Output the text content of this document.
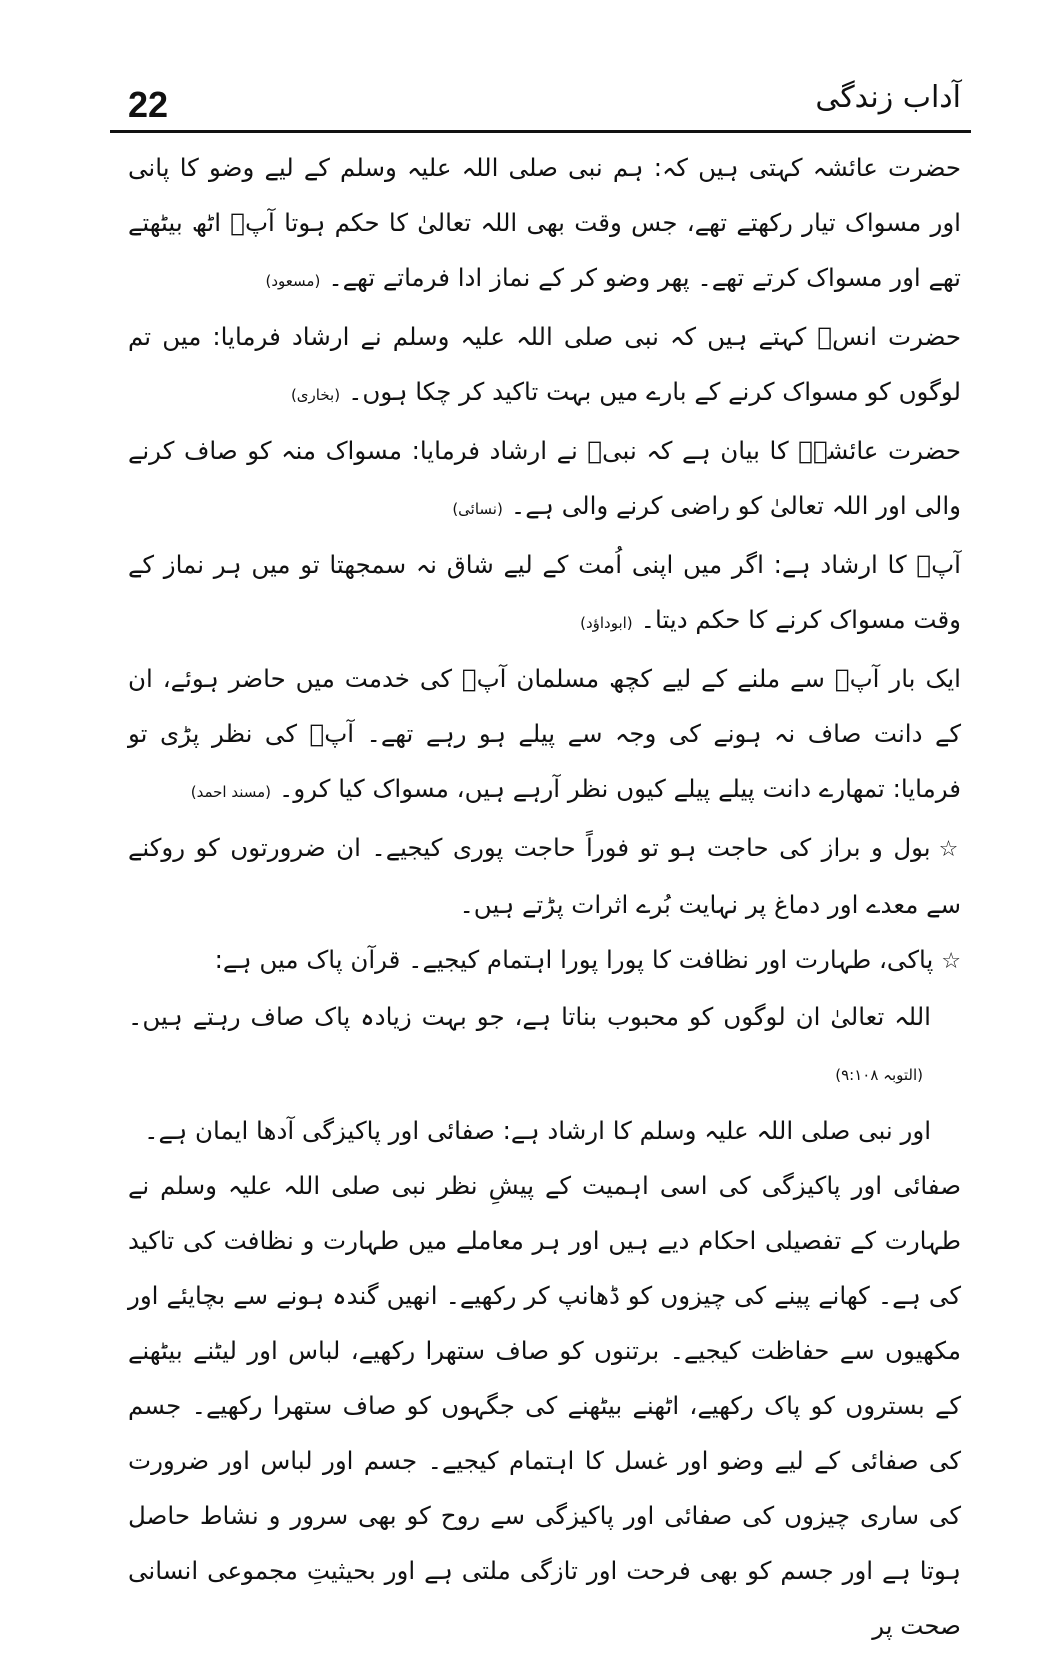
22	آداب زندگی

حضرت عائشہ کہتی ہیں کہ: ہم نبی صلی اللہ علیہ وسلم کے لیے وضو کا پانی اور مسواک تیار رکھتے تھے، جس وقت بھی اللہ تعالیٰ کا حکم ہوتا آپؐ اٹھ بیٹھتے تھے اور مسواک کرتے تھے۔ پھر وضو کر کے نماز ادا فرماتے تھے۔(مسعود)

حضرت انسؓ کہتے ہیں کہ نبی صلی اللہ علیہ وسلم نے ارشاد فرمایا: میں تم لوگوں کو مسواک کرنے کے بارے میں بہت تاکید کر چکا ہوں۔(بخاری)

حضرت عائشہؓ کا بیان ہے کہ نبیؐ نے ارشاد فرمایا: مسواک منہ کو صاف کرنے والی اور اللہ تعالیٰ کو راضی کرنے والی ہے۔(نسائی)

آپؐ کا ارشاد ہے: اگر میں اپنی اُمت کے لیے شاق نہ سمجھتا تو میں ہر نماز کے وقت مسواک کرنے کا حکم دیتا۔(ابوداؤد)

ایک بار آپؐ سے ملنے کے لیے کچھ مسلمان آپؐ کی خدمت میں حاضر ہوئے، ان کے دانت صاف نہ ہونے کی وجہ سے پیلے ہو رہے تھے۔ آپؐ کی نظر پڑی تو فرمایا: تمھارے دانت پیلے پیلے کیوں نظر آرہے ہیں، مسواک کیا کرو۔(مسند احمد)

☆بول و براز کی حاجت ہو تو فوراً حاجت پوری کیجیے۔ ان ضرورتوں کو روکنے سے معدے اور دماغ پر نہایت بُرے اثرات پڑتے ہیں۔

☆پاکی، طہارت اور نظافت کا پورا پورا اہتمام کیجیے۔ قرآن پاک میں ہے:

اللہ تعالیٰ ان لوگوں کو محبوب بناتا ہے، جو بہت زیادہ پاک صاف رہتے ہیں۔(التوبہ ۹:۱۰۸)

اور نبی صلی اللہ علیہ وسلم کا ارشاد ہے: صفائی اور پاکیزگی آدھا ایمان ہے۔

صفائی اور پاکیزگی کی اسی اہمیت کے پیشِ نظر نبی صلی اللہ علیہ وسلم نے طہارت کے تفصیلی احکام دیے ہیں اور ہر معاملے میں طہارت و نظافت کی تاکید کی ہے۔ کھانے پینے کی چیزوں کو ڈھانپ کر رکھیے۔ انھیں گندہ ہونے سے بچایئے اور مکھیوں سے حفاظت کیجیے۔ برتنوں کو صاف ستھرا رکھیے، لباس اور لیٹنے بیٹھنے کے بستروں کو پاک رکھیے، اٹھنے بیٹھنے کی جگہوں کو صاف ستھرا رکھیے۔ جسم کی صفائی کے لیے وضو اور غسل کا اہتمام کیجیے۔ جسم اور لباس اور ضرورت کی ساری چیزوں کی صفائی اور پاکیزگی سے روح کو بھی سرور و نشاط حاصل ہوتا ہے اور جسم کو بھی فرحت اور تازگی ملتی ہے اور بحیثیتِ مجموعی انسانی صحت پر
